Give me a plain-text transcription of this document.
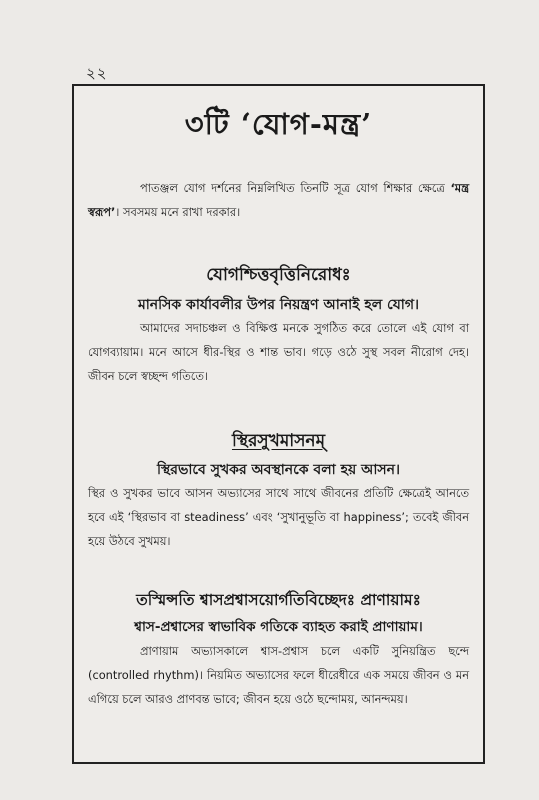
২২
৩টি ‘যোগ-মন্ত্র’

পাতঞ্জল যোগ দর্শনের নিম্নলিখিত তিনটি সূত্র যোগ শিক্ষার ক্ষেত্রে ‘মন্ত্র স্বরূপ’। সবসময় মনে রাখা দরকার।

যোগশ্চিত্তবৃত্তিনিরোধঃ
মানসিক কার্যাবলীর উপর নিয়ন্ত্রণ আনাই হল যোগ।

আমাদের সদাচঞ্চল ও বিক্ষিপ্ত মনকে সুগঠিত করে তোলে এই যোগ বা যোগব্যায়াম। মনে আসে ধীর-স্থির ও শান্ত ভাব। গড়ে ওঠে সুস্থ সবল নীরোগ দেহ। জীবন চলে স্বচ্ছন্দ গতিতে।

স্থিরসুখমাসনম্
স্থিরভাবে সুখকর অবস্থানকে বলা হয় আসন।

স্থির ও সুখকর ভাবে আসন অভ্যাসের সাথে সাথে জীবনের প্রতিটি ক্ষেত্রেই আনতে হবে এই ‘স্থিরভাব বা steadiness’ এবং ‘সুখানুভূতি বা happiness’; তবেই জীবন হয়ে উঠবে সুখময়।

তস্মিন্সতি শ্বাসপ্রশ্বাসয়োর্গতিবিচ্ছেদঃ প্রাণায়ামঃ
শ্বাস-প্রশ্বাসের স্বাভাবিক গতিকে ব্যাহত করাই প্রাণায়াম।

প্রাণায়াম অভ্যাসকালে শ্বাস-প্রশ্বাস চলে একটি সুনিয়ন্ত্রিত ছন্দে (controlled rhythm)। নিয়মিত অভ্যাসের ফলে ধীরেধীরে এক সময়ে জীবন ও মন এগিয়ে চলে আরও প্রাণবন্ত ভাবে; জীবন হয়ে ওঠে ছন্দোময়, আনন্দময়।
